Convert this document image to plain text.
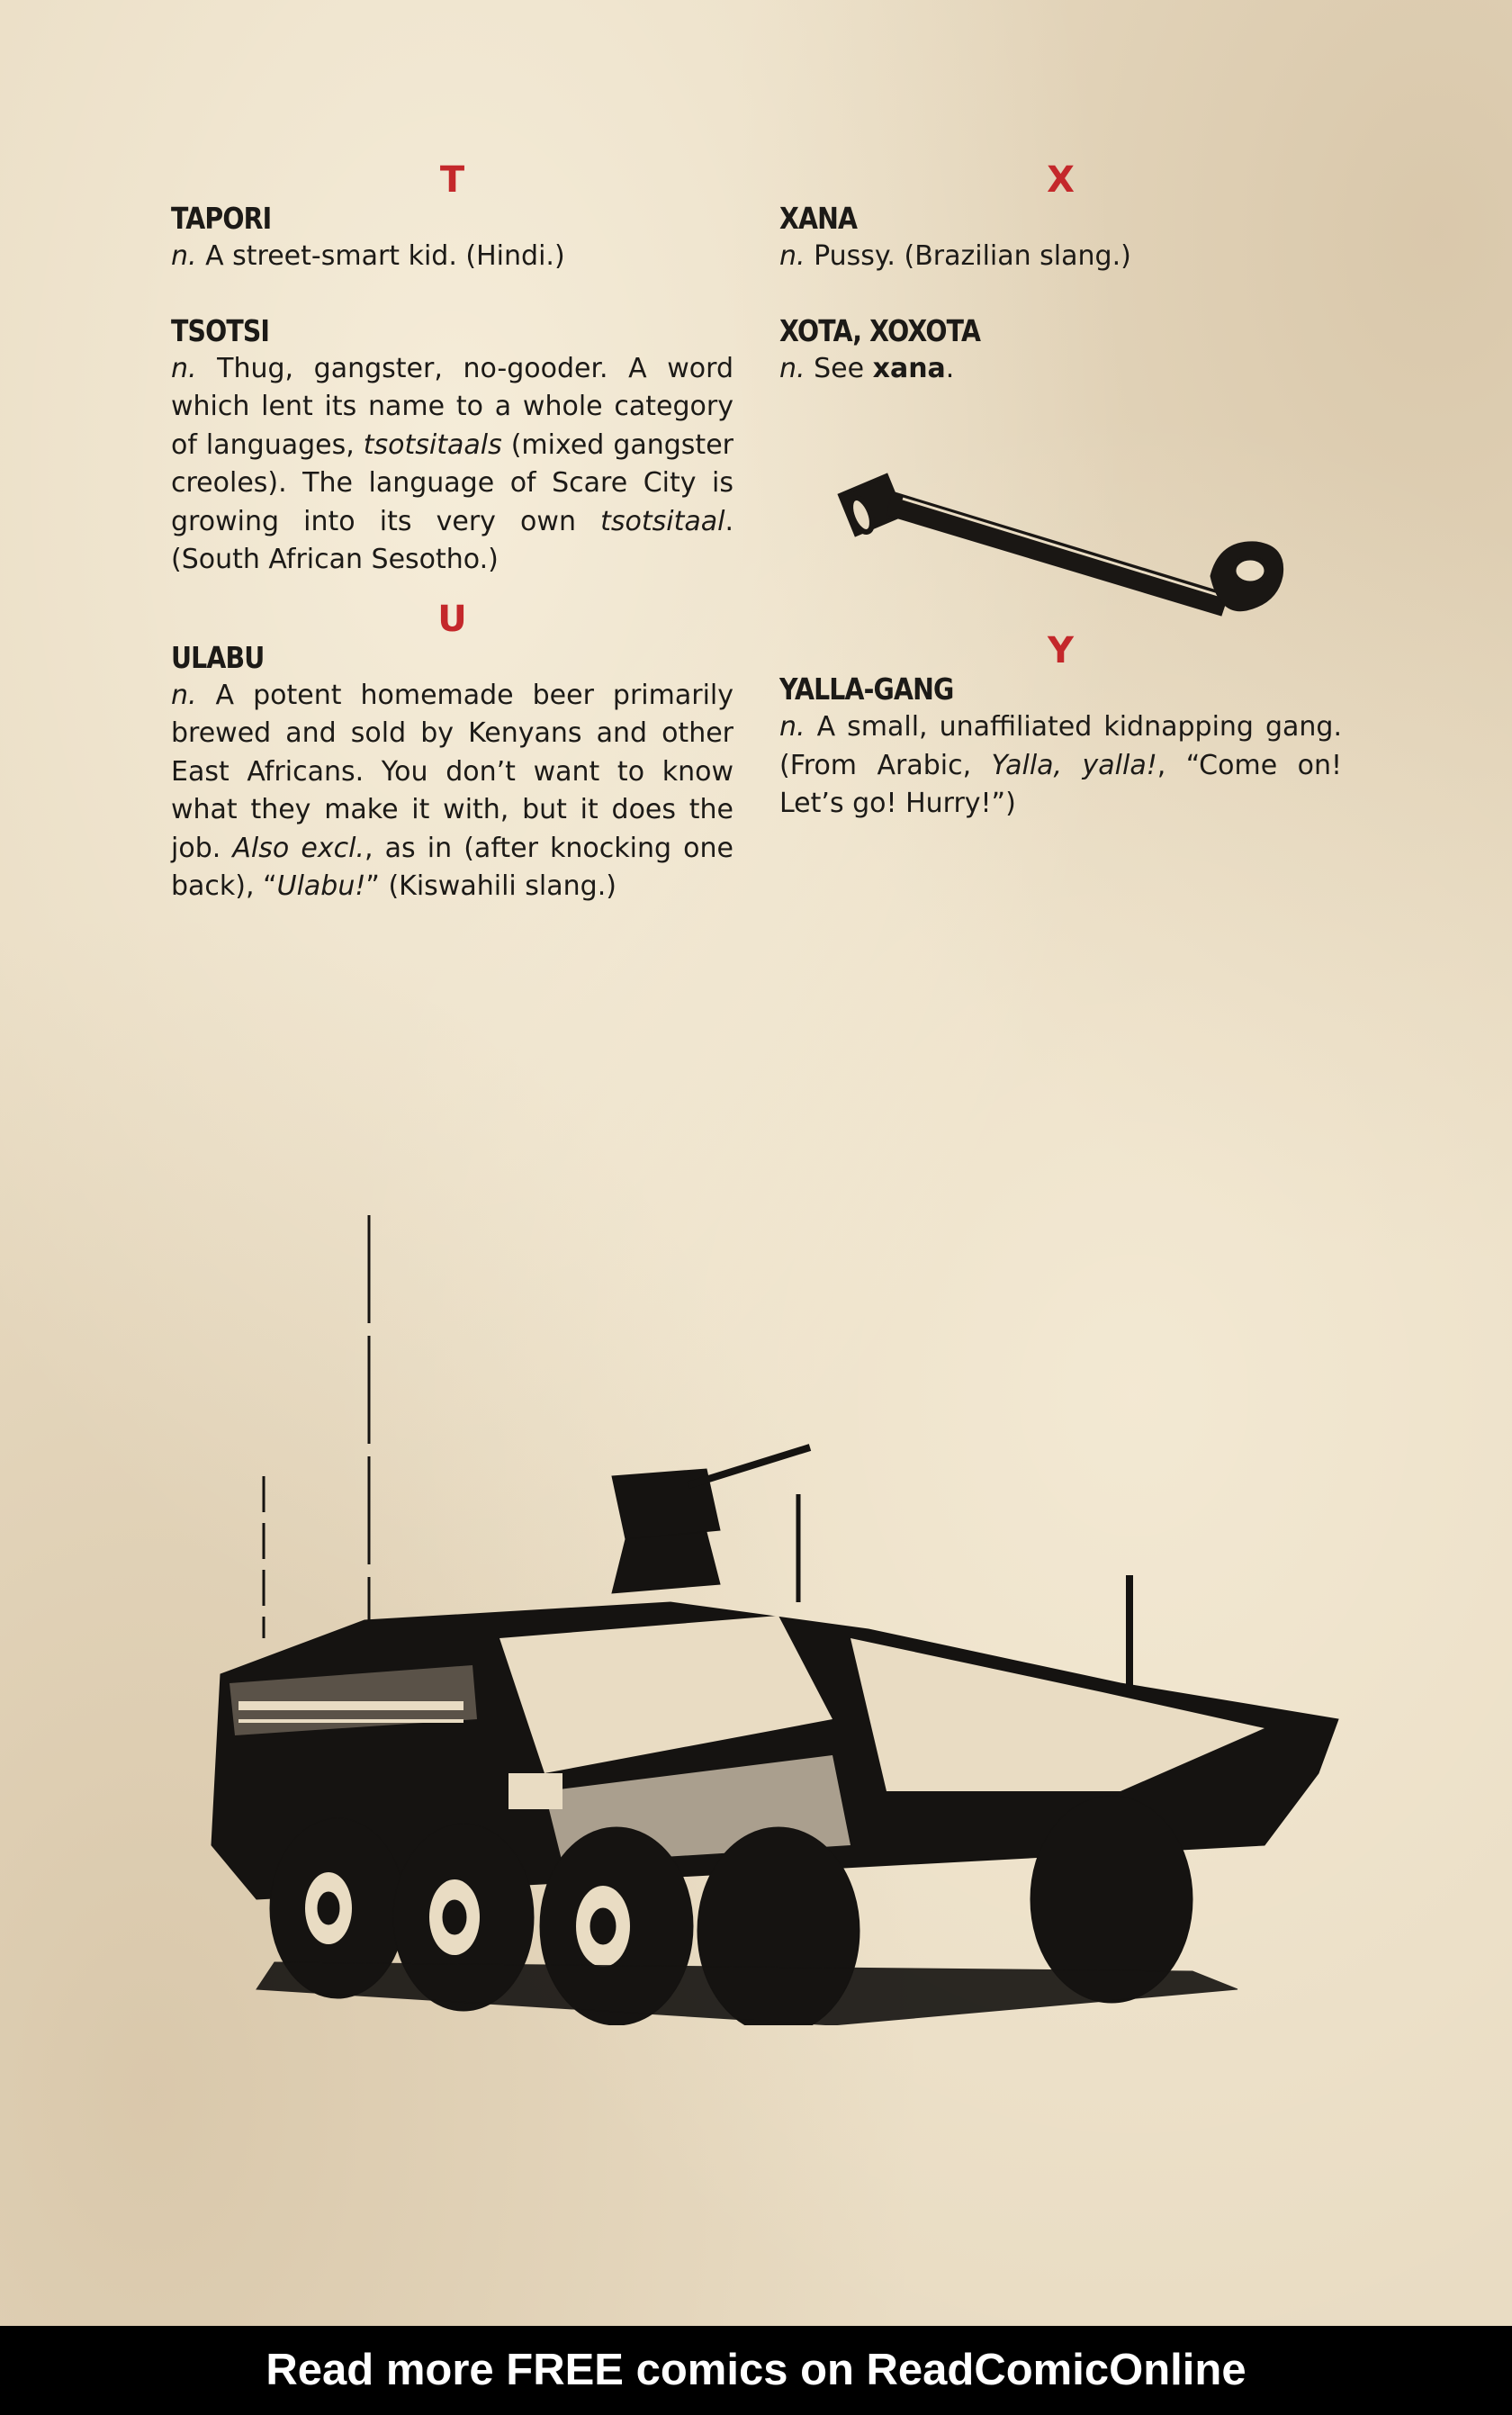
T
TAPORI

n. A street-smart kid. (Hindi.)

TSOTSI

n. Thug, gangster, no-gooder. A word which lent its name to a whole category of languages, tsotsitaals (mixed gangster creoles). The language of Scare City is growing into its very own tsotsitaal. (South African Sesotho.)

U
ULABU

n. A potent homemade beer primarily brewed and sold by Kenyans and other East Africans. You don’t want to know what they make it with, but it does the job. Also excl., as in (after knocking one back), “Ulabu!” (Kiswahili slang.)

X
XANA

n. Pussy. (Brazilian slang.)

XOTA, XOXOTA

n. See xana.

Y
YALLA-GANG

n. A small, unaffiliated kidnapping gang. (From Arabic, Yalla, yalla!, “Come on! Let’s go! Hurry!”)

Read more FREE comics on ReadComicOnline
